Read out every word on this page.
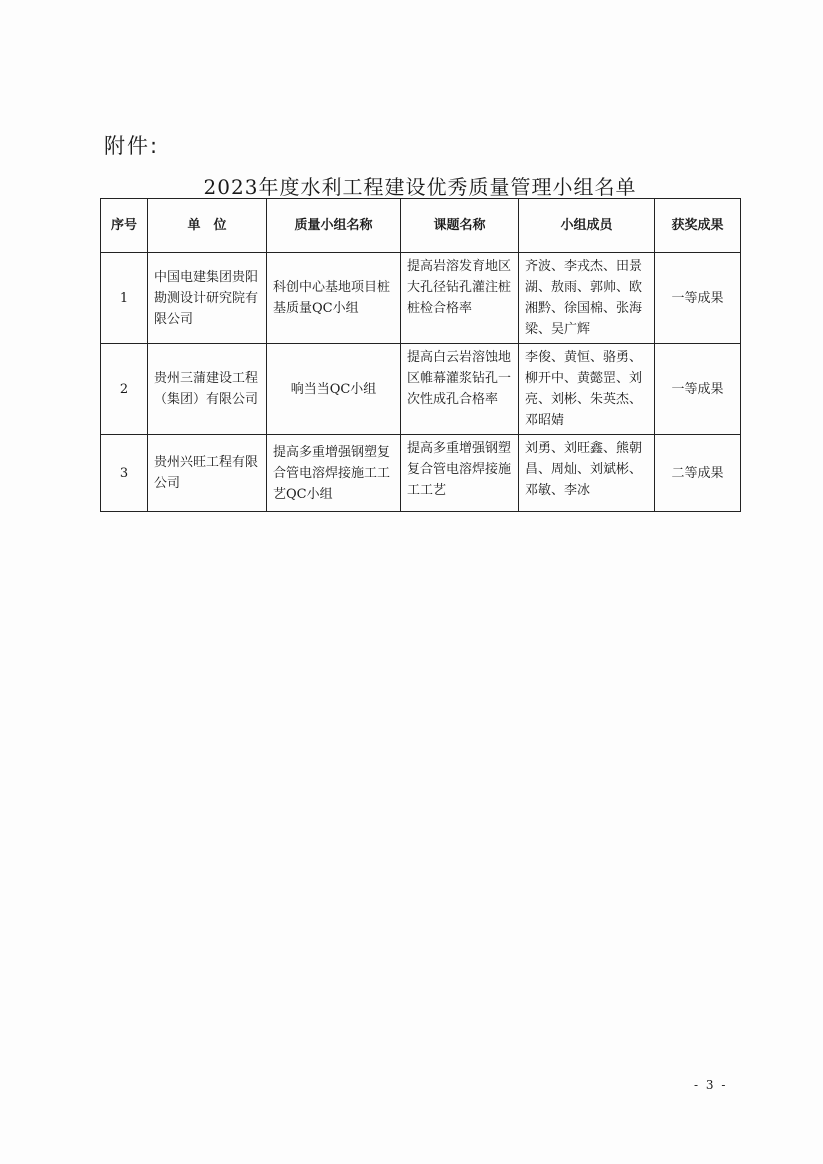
附件:
2023年度水利工程建设优秀质量管理小组名单
序号	单　位	质量小组名称	课题名称	小组成员	获奖成果
1	中国电建集团贵阳勘测设计研究院有限公司	科创中心基地项目桩基质量QC小组	提高岩溶发育地区大孔径钻孔灌注桩桩检合格率	齐波、李戎杰、田景湖、敖雨、郭帅、欧湘黔、徐国棉、张海梁、吴广辉	一等成果
2	贵州三蒲建设工程（集团）有限公司	响当当QC小组	提高白云岩溶蚀地区帷幕灌浆钻孔一次性成孔合格率	李俊、黄恒、骆勇、柳开中、黄懿罡、刘亮、刘彬、朱英杰、邓昭婧	一等成果
3	贵州兴旺工程有限公司	提高多重增强钢塑复合管电溶焊接施工工艺QC小组	提高多重增强钢塑复合管电溶焊接施工工艺	刘勇、刘旺鑫、熊朝昌、周灿、刘斌彬、邓敏、李冰	二等成果
- 3 -
